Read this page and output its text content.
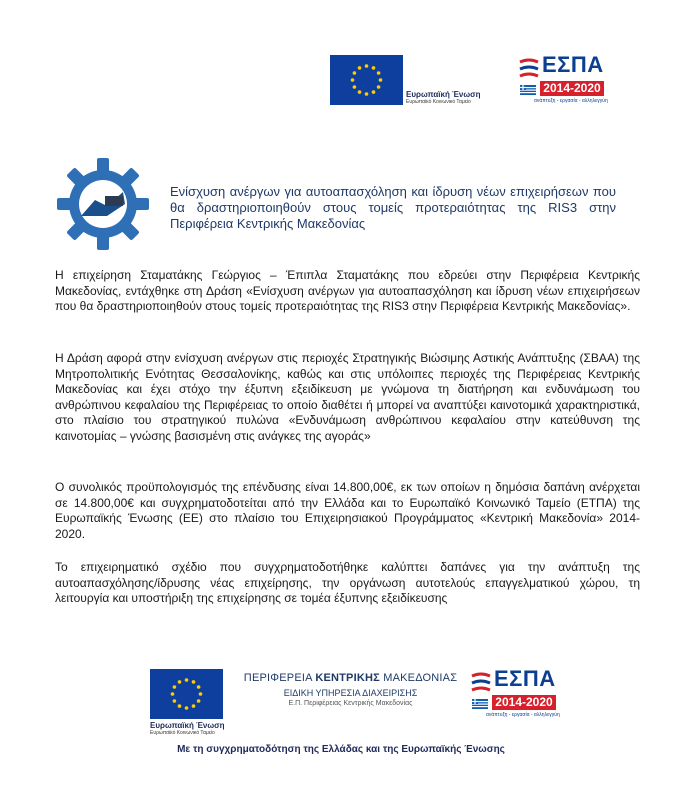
Ευρωπαϊκή Ένωση
Ευρωπαϊκό Κοινωνικό Ταμείο
ΕΣΠΑ
2014-2020
ανάπτυξη - εργασία - αλληλεγγύη
Ενίσχυση ανέργων για αυτοαπασχόληση και ίδρυση νέων επιχειρήσεων που θα δραστηριοποιηθούν στους τομείς προτεραιότητας της RIS3 στην Περιφέρεια Κεντρικής Μακεδονίας
Η επιχείρηση Σταματάκης Γεώργιος – Έπιπλα Σταματάκης που εδρεύει στην Περιφέρεια Κεντρικής Μακεδονίας, εντάχθηκε στη Δράση «Ενίσχυση ανέργων για αυτοαπασχόληση και ίδρυση νέων επιχειρήσεων που θα δραστηριοποιηθούν στους τομείς προτεραιότητας της RIS3 στην Περιφέρεια Κεντρικής Μακεδονίας».
Η Δράση αφορά στην ενίσχυση ανέργων στις περιοχές Στρατηγικής Βιώσιμης Αστικής Ανάπτυξης (ΣΒΑΑ) της Μητροπολιτικής Ενότητας Θεσσαλονίκης, καθώς και στις υπόλοιπες περιοχές της Περιφέρειας Κεντρικής Μακεδονίας και έχει στόχο την έξυπνη εξειδίκευση με γνώμονα τη διατήρηση και ενδυνάμωση του ανθρώπινου κεφαλαίου της Περιφέρειας το οποίο διαθέτει ή μπορεί να αναπτύξει καινοτομικά χαρακτηριστικά, στο πλαίσιο του στρατηγικού πυλώνα «Ενδυνάμωση ανθρώπινου κεφαλαίου στην κατεύθυνση της καινοτομίας – γνώσης βασισμένη στις ανάγκες της αγοράς»
Ο συνολικός προϋπολογισμός της επένδυσης είναι 14.800,00€, εκ των οποίων η δημόσια δαπάνη ανέρχεται σε 14.800,00€ και συγχρηματοδοτείται από την Ελλάδα και το Ευρωπαϊκό Κοινωνικό Ταμείο (ΕΤΠΑ) της Ευρωπαϊκής Ένωσης (ΕΕ) στο πλαίσιο του Επιχειρησιακού Προγράμματος «Κεντρική Μακεδονία» 2014-2020.
Το επιχειρηματικό σχέδιο που συγχρηματοδοτήθηκε καλύπτει δαπάνες για την ανάπτυξη της αυτοαπασχόλησης/ίδρυσης νέας επιχείρησης, την οργάνωση αυτοτελούς επαγγελματικού χώρου, τη λειτουργία και υποστήριξη της επιχείρησης σε τομέα έξυπνης εξειδίκευσης
Ευρωπαϊκή Ένωση
Ευρωπαϊκό Κοινωνικό Ταμείο
ΠΕΡΙΦΕΡΕΙΑ ΚΕΝΤΡΙΚΗΣ ΜΑΚΕΔΟΝΙΑΣ
ΕΙΔΙΚΗ ΥΠΗΡΕΣΙΑ ΔΙΑΧΕΙΡΙΣΗΣ
Ε.Π. Περιφέρειας Κεντρικής Μακεδονίας
ΕΣΠΑ
2014-2020
ανάπτυξη - εργασία - αλληλεγγύη
Με τη συγχρηματοδότηση της Ελλάδας και της Ευρωπαϊκής Ένωσης
